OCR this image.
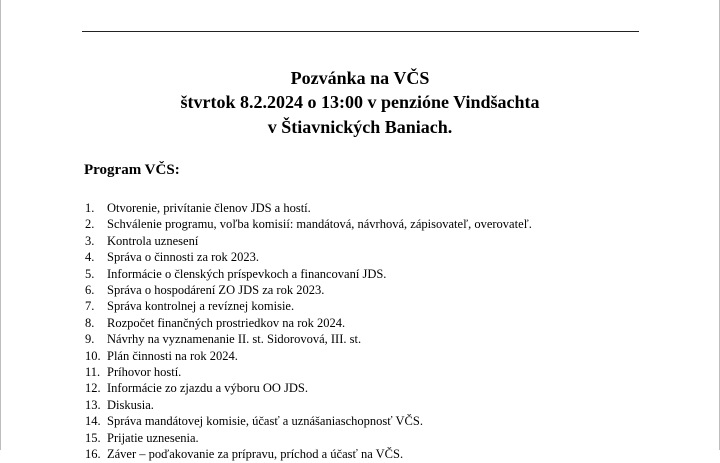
Pozvánka na VČS
štvrtok 8.2.2024 o 13:00 v penzióne Vindšachta
v Štiavnických Baniach.
Program VČS:
1. Otvorenie, privítanie členov JDS a hostí.
2. Schválenie programu, voľba komisií: mandátová, návrhová, zápisovateľ, overovateľ.
3. Kontrola uznesení
4. Správa o činnosti za rok 2023.
5. Informácie o členských príspevkoch a financovaní JDS.
6. Správa o hospodárení ZO JDS za rok 2023.
7. Správa kontrolnej a revíznej komisie.
8. Rozpočet finančných prostriedkov na rok 2024.
9. Návrhy na vyznamenanie II. st. Sidorovová, III. st.
10. Plán činnosti na rok 2024.
11. Príhovor hostí.
12. Informácie zo zjazdu a výboru OO JDS.
13. Diskusia.
14. Správa mandátovej komisie, účasť a uznášaniaschopnosť VČS.
15. Prijatie uznesenia.
16. Záver – poďakovanie za prípravu, príchod a účasť na VČS.
